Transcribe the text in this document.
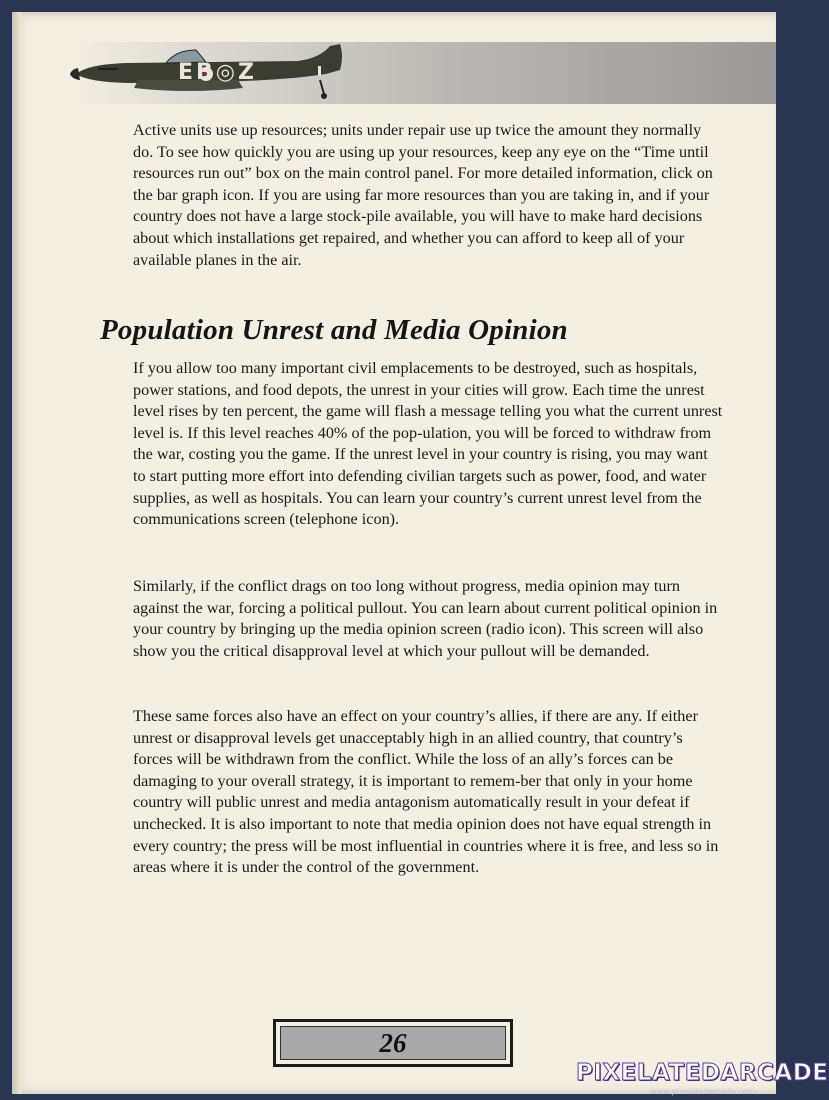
EB◎Z

Active units use up resources; units under repair use up twice the amount they normally do. To see how quickly you are using up your resources, keep any eye on the “Time until resources run out” box on the main control panel. For more detailed information, click on the bar graph icon. If you are using far more resources than you are taking in, and if your country does not have a large stock-pile available, you will have to make hard decisions about which installations get repaired, and whether you can afford to keep all of your available planes in the air.

Population Unrest and Media Opinion

If you allow too many important civil emplacements to be destroyed, such as hospitals, power stations, and food depots, the unrest in your cities will grow. Each time the unrest level rises by ten percent, the game will flash a message telling you what the current unrest level is. If this level reaches 40% of the pop-ulation, you will be forced to withdraw from the war, costing you the game. If the unrest level in your country is rising, you may want to start putting more effort into defending civilian targets such as power, food, and water supplies, as well as hospitals. You can learn your country’s current unrest level from the communications screen (telephone icon).

Similarly, if the conflict drags on too long without progress, media opinion may turn against the war, forcing a political pullout. You can learn about current political opinion in your country by bringing up the media opinion screen (radio icon). This screen will also show you the critical disapproval level at which your pullout will be demanded.

These same forces also have an effect on your country’s allies, if there are any. If either unrest or disapproval levels get unacceptably high in an allied country, that country’s forces will be withdrawn from the conflict. While the loss of an ally’s forces can be damaging to your overall strategy, it is important to remem-ber that only in your home country will public unrest and media antagonism automatically result in your defeat if unchecked. It is also important to note that media opinion does not have equal strength in every country; the press will be most influential in countries where it is free, and less so in areas where it is under the control of the government.

26
PIXELATEDARCADE
www.pixelatedarcade.com
